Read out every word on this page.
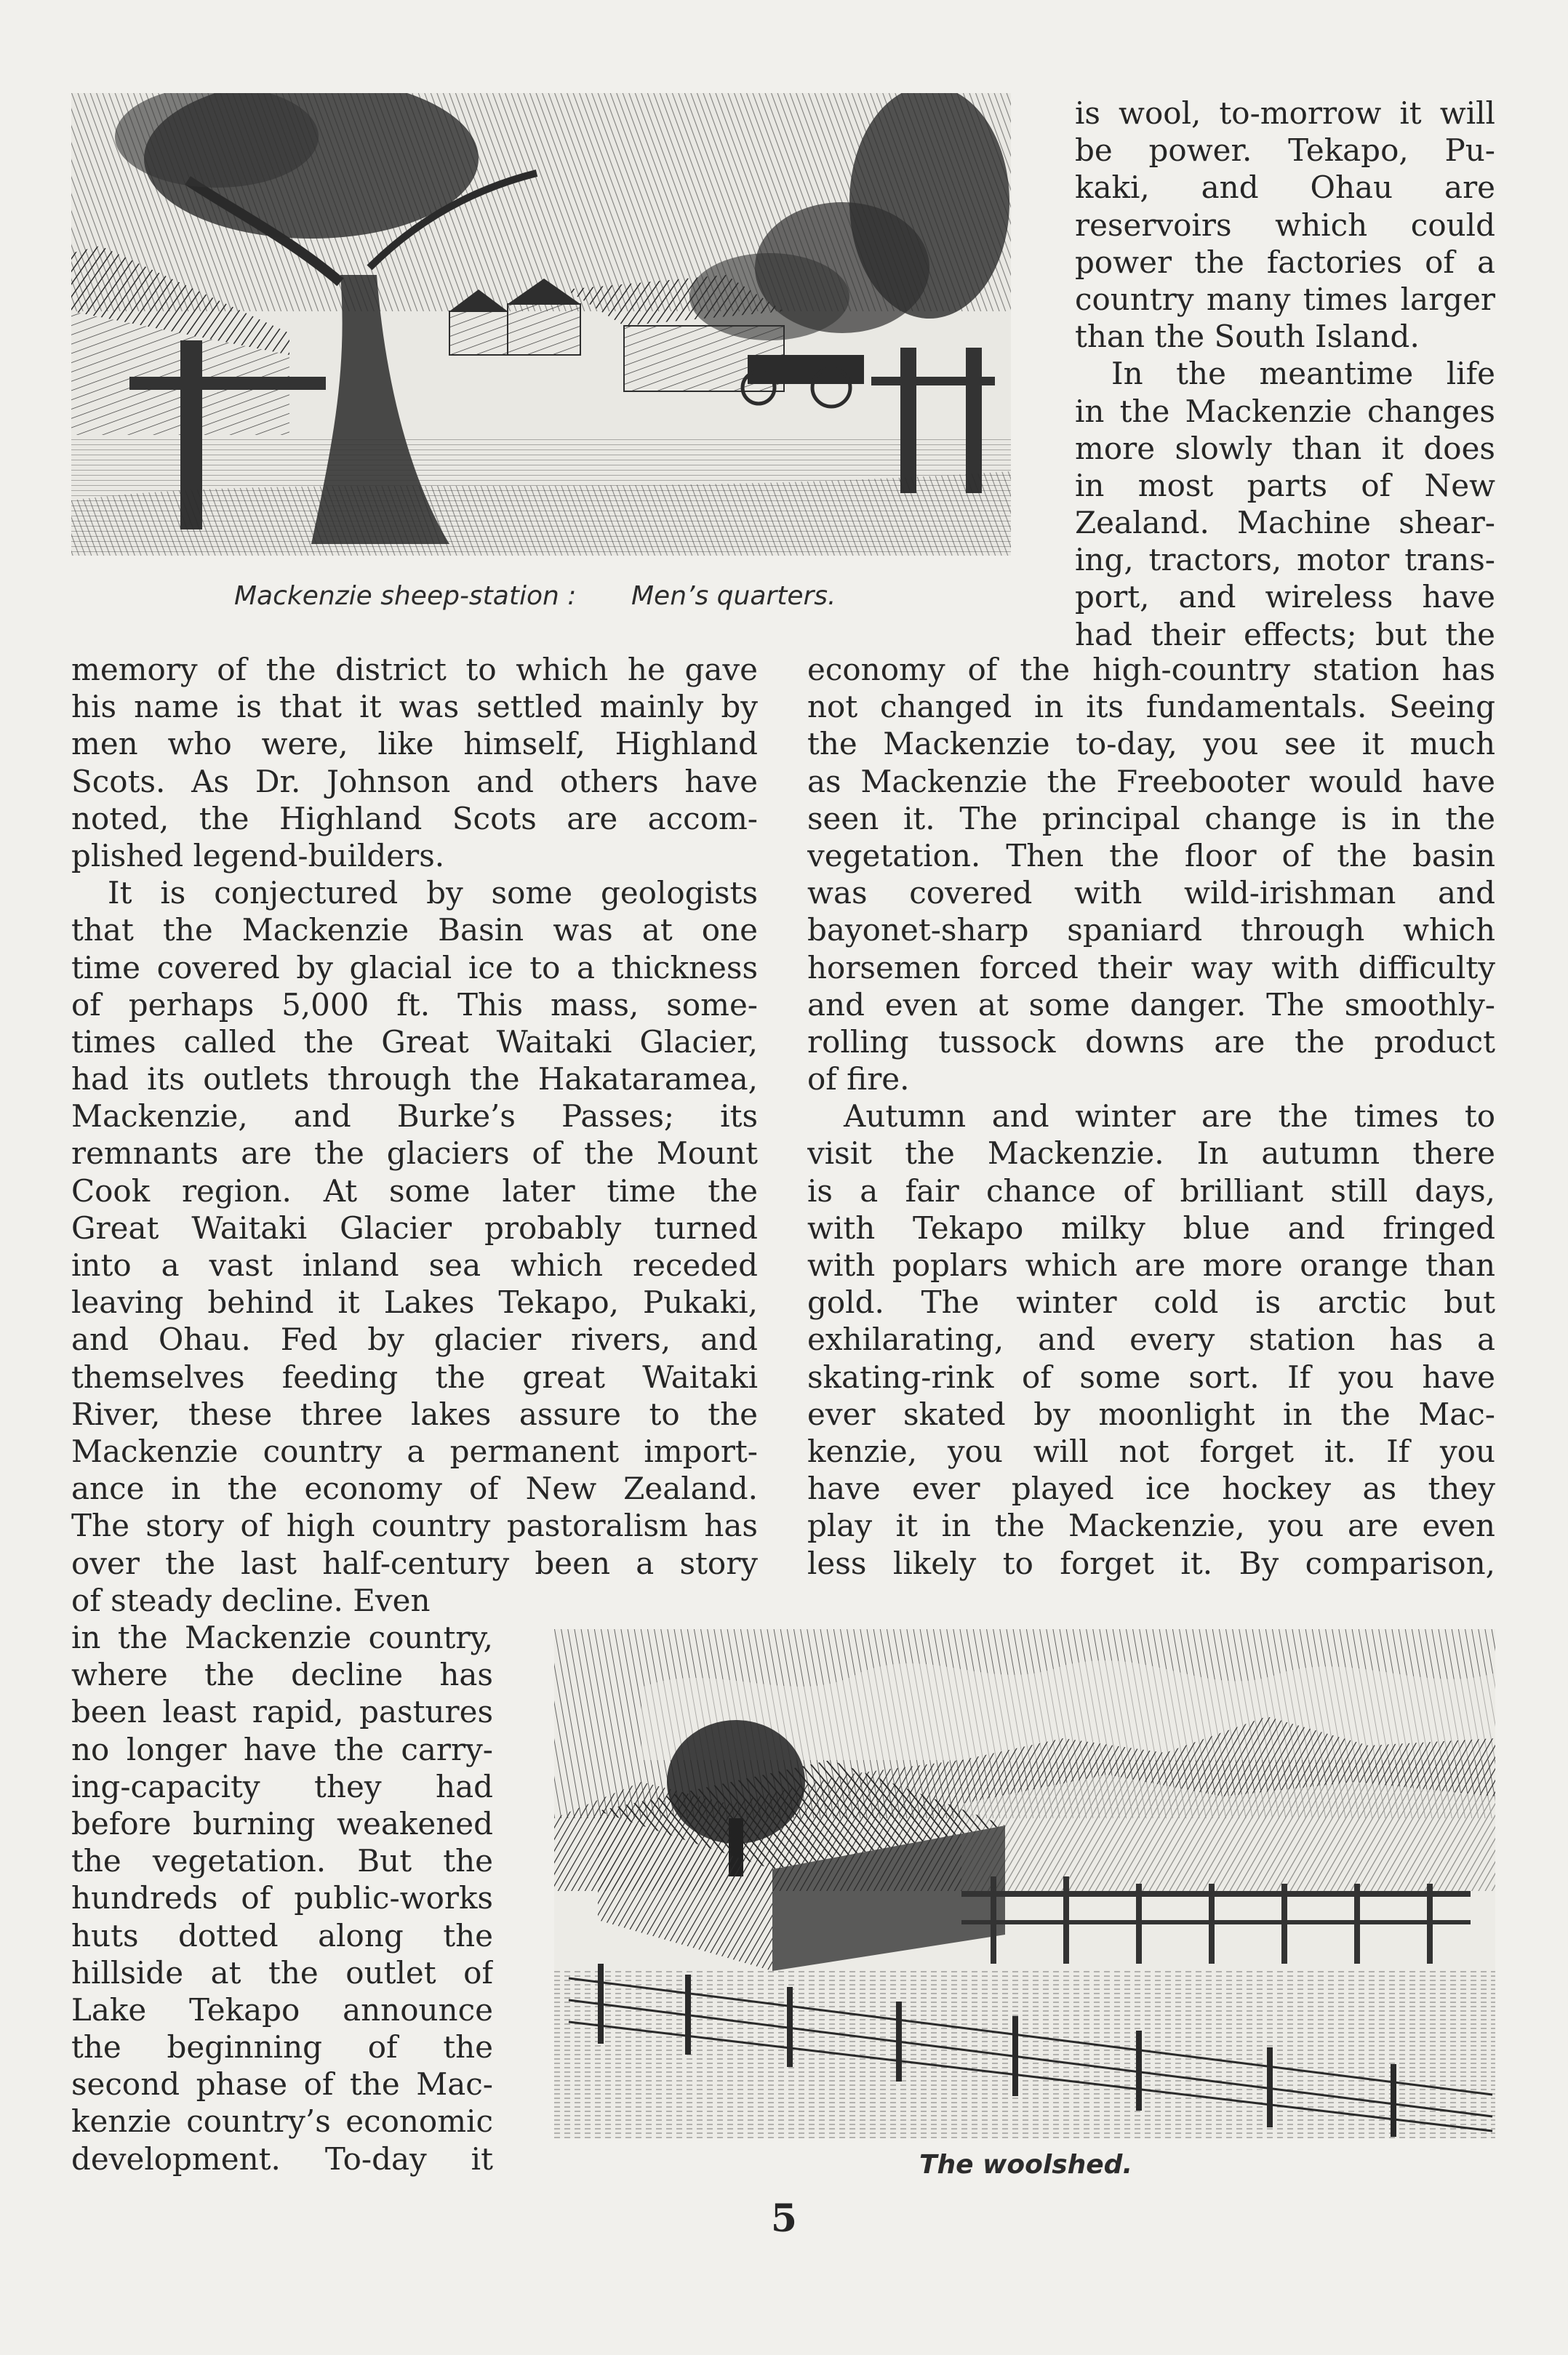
Mackenzie sheep-station : Men’s quarters.
is wool, to-morrow it will
be power. Tekapo, Pu-
kaki, and Ohau are
reservoirs which could
power the factories of a
country many times larger
than the South Island.
In the meantime life
in the Mackenzie changes
more slowly than it does
in most parts of New
Zealand. Machine shear-
ing, tractors, motor trans-
port, and wireless have
had their effects; but the
memory of the district to which he gave
his name is that it was settled mainly by
men who were, like himself, Highland
Scots. As Dr. Johnson and others have
noted, the Highland Scots are accom-
plished legend-builders.
It is conjectured by some geologists
that the Mackenzie Basin was at one
time covered by glacial ice to a thickness
of perhaps 5,000 ft. This mass, some-
times called the Great Waitaki Glacier,
had its outlets through the Hakataramea,
Mackenzie, and Burke’s Passes; its
remnants are the glaciers of the Mount
Cook region. At some later time the
Great Waitaki Glacier probably turned
into a vast inland sea which receded
leaving behind it Lakes Tekapo, Pukaki,
and Ohau. Fed by glacier rivers, and
themselves feeding the great Waitaki
River, these three lakes assure to the
Mackenzie country a permanent import-
ance in the economy of New Zealand.
The story of high country pastoralism has
over the last half-century been a story
of steady decline. Even
in the Mackenzie country,
where the decline has
been least rapid, pastures
no longer have the carry-
ing-capacity they had
before burning weakened
the vegetation. But the
hundreds of public-works
huts dotted along the
hillside at the outlet of
Lake Tekapo announce
the beginning of the
second phase of the Mac-
kenzie country’s economic
development. To-day it
economy of the high-country station has
not changed in its fundamentals. Seeing
the Mackenzie to-day, you see it much
as Mackenzie the Freebooter would have
seen it. The principal change is in the
vegetation. Then the floor of the basin
was covered with wild-irishman and
bayonet-sharp spaniard through which
horsemen forced their way with difficulty
and even at some danger. The smoothly-
rolling tussock downs are the product
of fire.
Autumn and winter are the times to
visit the Mackenzie. In autumn there
is a fair chance of brilliant still days,
with Tekapo milky blue and fringed
with poplars which are more orange than
gold. The winter cold is arctic but
exhilarating, and every station has a
skating-rink of some sort. If you have
ever skated by moonlight in the Mac-
kenzie, you will not forget it. If you
have ever played ice hockey as they
play it in the Mackenzie, you are even
less likely to forget it. By comparison,
The woolshed.
5
